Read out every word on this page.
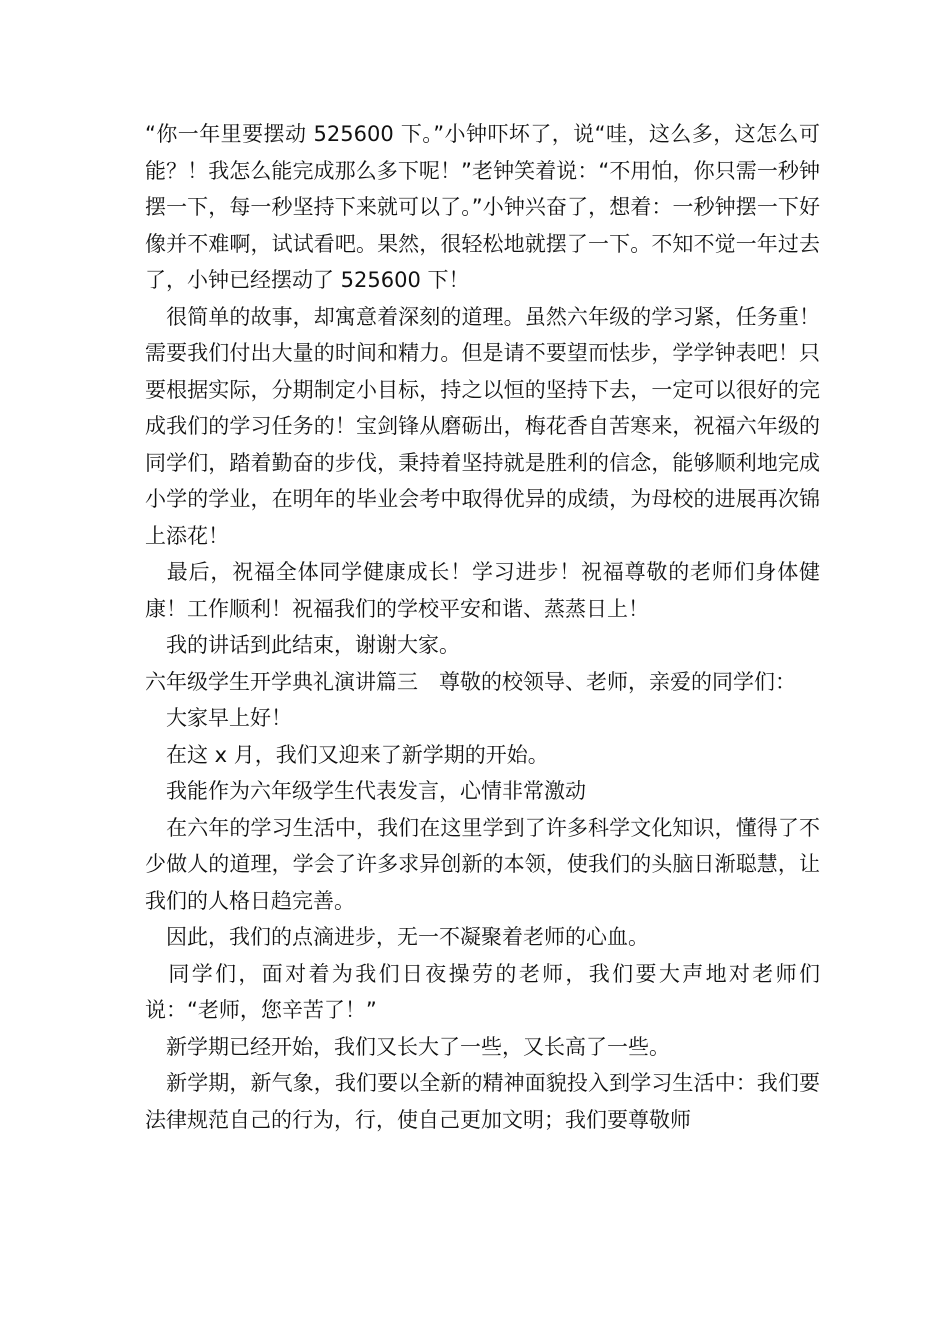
“你一年里要摆动 525600 下。”小钟吓坏了，说“哇，这么多，这怎么可能？！我怎么能完成那么多下呢！”老钟笑着说：“不用怕，你只需一秒钟摆一下，每一秒坚持下来就可以了。”小钟兴奋了，想着：一秒钟摆一下好像并不难啊，试试看吧。果然，很轻松地就摆了一下。不知不觉一年过去了，小钟已经摆动了 525600 下！

　很简单的故事，却寓意着深刻的道理。虽然六年级的学习紧，任务重！需要我们付出大量的时间和精力。但是请不要望而怯步，学学钟表吧！只要根据实际，分期制定小目标，持之以恒的坚持下去，一定可以很好的完成我们的学习任务的！宝剑锋从磨砺出，梅花香自苦寒来，祝福六年级的同学们，踏着勤奋的步伐，秉持着坚持就是胜利的信念，能够顺利地完成小学的学业，在明年的毕业会考中取得优异的成绩，为母校的进展再次锦上添花！

　最后，祝福全体同学健康成长！学习进步！祝福尊敬的老师们身体健康！工作顺利！祝福我们的学校平安和谐、蒸蒸日上！

　我的讲话到此结束，谢谢大家。

六年级学生开学典礼演讲篇三　尊敬的校领导、老师，亲爱的同学们：

　大家早上好！

　在这 x 月，我们又迎来了新学期的开始。

　我能作为六年级学生代表发言，心情非常激动

　在六年的学习生活中，我们在这里学到了许多科学文化知识，懂得了不少做人的道理，学会了许多求异创新的本领，使我们的头脑日渐聪慧，让我们的人格日趋完善。

　因此，我们的点滴进步，无一不凝聚着老师的心血。

　同学们，面对着为我们日夜操劳的老师，我们要大声地对老师们说：“老师，您辛苦了！”

　新学期已经开始，我们又长大了一些，又长高了一些。

　新学期，新气象，我们要以全新的精神面貌投入到学习生活中：我们要法律规范自己的行为，行，使自己更加文明；我们要尊敬师
